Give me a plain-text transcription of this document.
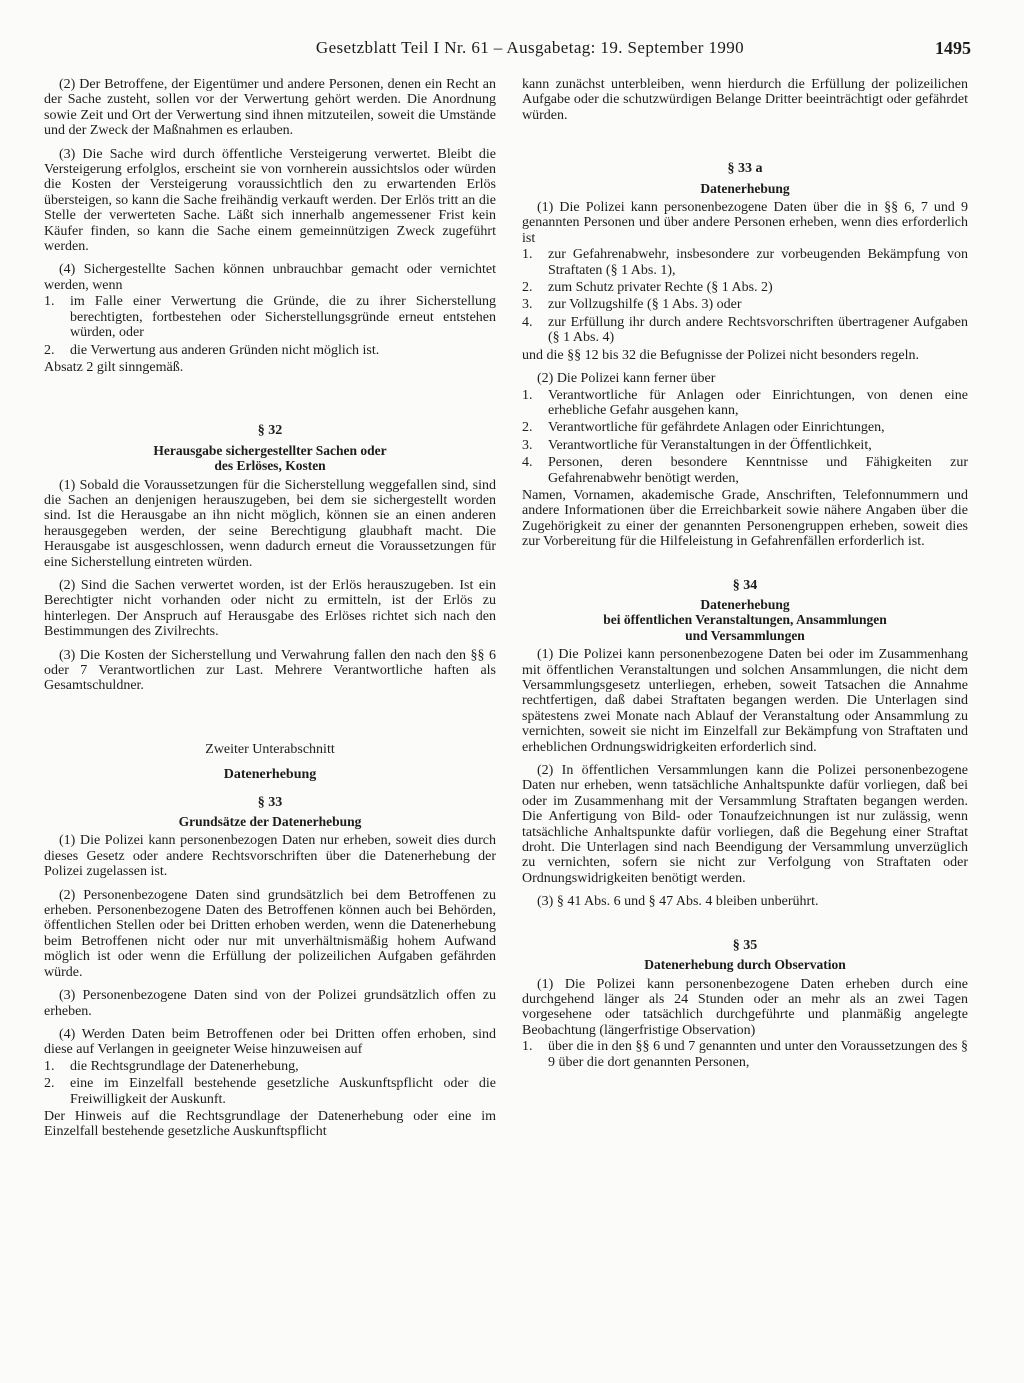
Gesetzblatt Teil I Nr. 61 – Ausgabetag: 19. September 1990	1495

(2) Der Betroffene, der Eigentümer und andere Personen, denen ein Recht an der Sache zusteht, sollen vor der Verwertung gehört werden. Die Anordnung sowie Zeit und Ort der Verwertung sind ihnen mitzuteilen, soweit die Umstände und der Zweck der Maßnahmen es erlauben.

(3) Die Sache wird durch öffentliche Versteigerung verwertet. Bleibt die Versteigerung erfolglos, erscheint sie von vornherein aussichtslos oder würden die Kosten der Versteigerung voraussichtlich den zu erwartenden Erlös übersteigen, so kann die Sache freihändig verkauft werden. Der Erlös tritt an die Stelle der verwerteten Sache. Läßt sich innerhalb angemessener Frist kein Käufer finden, so kann die Sache einem gemeinnützigen Zweck zugeführt werden.

(4) Sichergestellte Sachen können unbrauchbar gemacht oder vernichtet werden, wenn

1. im Falle einer Verwertung die Gründe, die zu ihrer Sicherstellung berechtigten, fortbestehen oder Sicherstellungsgründe erneut entstehen würden, oder
2. die Verwertung aus anderen Gründen nicht möglich ist.

Absatz 2 gilt sinngemäß.

§ 32

Herausgabe sichergestellter Sachen oder

des Erlöses, Kosten

(1) Sobald die Voraussetzungen für die Sicherstellung weggefallen sind, sind die Sachen an denjenigen herauszugeben, bei dem sie sichergestellt worden sind. Ist die Herausgabe an ihn nicht möglich, können sie an einen anderen herausgegeben werden, der seine Berechtigung glaubhaft macht. Die Herausgabe ist ausgeschlossen, wenn dadurch erneut die Voraussetzungen für eine Sicherstellung eintreten würden.

(2) Sind die Sachen verwertet worden, ist der Erlös herauszugeben. Ist ein Berechtigter nicht vorhanden oder nicht zu ermitteln, ist der Erlös zu hinterlegen. Der Anspruch auf Herausgabe des Erlöses richtet sich nach den Bestimmungen des Zivilrechts.

(3) Die Kosten der Sicherstellung und Verwahrung fallen den nach den §§ 6 oder 7 Verantwortlichen zur Last. Mehrere Verantwortliche haften als Gesamtschuldner.

Zweiter Unterabschnitt

Datenerhebung

§ 33

Grundsätze der Datenerhebung

(1) Die Polizei kann personenbezogen Daten nur erheben, soweit dies durch dieses Gesetz oder andere Rechtsvorschriften über die Datenerhebung der Polizei zugelassen ist.

(2) Personenbezogene Daten sind grundsätzlich bei dem Betroffenen zu erheben. Personenbezogene Daten des Betroffenen können auch bei Behörden, öffentlichen Stellen oder bei Dritten erhoben werden, wenn die Datenerhebung beim Betroffenen nicht oder nur mit unverhältnismäßig hohem Aufwand möglich ist oder wenn die Erfüllung der polizeilichen Aufgaben gefährden würde.

(3) Personenbezogene Daten sind von der Polizei grundsätzlich offen zu erheben.

(4) Werden Daten beim Betroffenen oder bei Dritten offen erhoben, sind diese auf Verlangen in geeigneter Weise hinzuweisen auf

1. die Rechtsgrundlage der Datenerhebung,
2. eine im Einzelfall bestehende gesetzliche Auskunftspflicht oder die Freiwilligkeit der Auskunft.

Der Hinweis auf die Rechtsgrundlage der Datenerhebung oder eine im Einzelfall bestehende gesetzliche Auskunftspflicht

kann zunächst unterbleiben, wenn hierdurch die Erfüllung der polizeilichen Aufgabe oder die schutzwürdigen Belange Dritter beeinträchtigt oder gefährdet würden.

§ 33 a

Datenerhebung

(1) Die Polizei kann personenbezogene Daten über die in §§ 6, 7 und 9 genannten Personen und über andere Personen erheben, wenn dies erforderlich ist

1. zur Gefahrenabwehr, insbesondere zur vorbeugenden Bekämpfung von Straftaten (§ 1 Abs. 1),
2. zum Schutz privater Rechte (§ 1 Abs. 2)
3. zur Vollzugshilfe (§ 1 Abs. 3) oder
4. zur Erfüllung ihr durch andere Rechtsvorschriften übertragener Aufgaben (§ 1 Abs. 4)

und die §§ 12 bis 32 die Befugnisse der Polizei nicht besonders regeln.

(2) Die Polizei kann ferner über

1. Verantwortliche für Anlagen oder Einrichtungen, von denen eine erhebliche Gefahr ausgehen kann,
2. Verantwortliche für gefährdete Anlagen oder Einrichtungen,
3. Verantwortliche für Veranstaltungen in der Öffentlichkeit,
4. Personen, deren besondere Kenntnisse und Fähigkeiten zur Gefahrenabwehr benötigt werden,

Namen, Vornamen, akademische Grade, Anschriften, Telefonnummern und andere Informationen über die Erreichbarkeit sowie nähere Angaben über die Zugehörigkeit zu einer der genannten Personengruppen erheben, soweit dies zur Vorbereitung für die Hilfeleistung in Gefahrenfällen erforderlich ist.

§ 34

Datenerhebung

bei öffentlichen Veranstaltungen, Ansammlungen

und Versammlungen

(1) Die Polizei kann personenbezogene Daten bei oder im Zusammenhang mit öffentlichen Veranstaltungen und solchen Ansammlungen, die nicht dem Versammlungsgesetz unterliegen, erheben, soweit Tatsachen die Annahme rechtfertigen, daß dabei Straftaten begangen werden. Die Unterlagen sind spätestens zwei Monate nach Ablauf der Veranstaltung oder Ansammlung zu vernichten, soweit sie nicht im Einzelfall zur Bekämpfung von Straftaten und erheblichen Ordnungswidrigkeiten erforderlich sind.

(2) In öffentlichen Versammlungen kann die Polizei personenbezogene Daten nur erheben, wenn tatsächliche Anhaltspunkte dafür vorliegen, daß bei oder im Zusammenhang mit der Versammlung Straftaten begangen werden. Die Anfertigung von Bild- oder Tonaufzeichnungen ist nur zulässig, wenn tatsächliche Anhaltspunkte dafür vorliegen, daß die Begehung einer Straftat droht. Die Unterlagen sind nach Beendigung der Versammlung unverzüglich zu vernichten, sofern sie nicht zur Verfolgung von Straftaten oder Ordnungswidrigkeiten benötigt werden.

(3) § 41 Abs. 6 und § 47 Abs. 4 bleiben unberührt.

§ 35

Datenerhebung durch Observation

(1) Die Polizei kann personenbezogene Daten erheben durch eine durchgehend länger als 24 Stunden oder an mehr als an zwei Tagen vorgesehene oder tatsächlich durchgeführte und planmäßig angelegte Beobachtung (längerfristige Observation)

1. über die in den §§ 6 und 7 genannten und unter den Voraussetzungen des § 9 über die dort genannten Personen,
